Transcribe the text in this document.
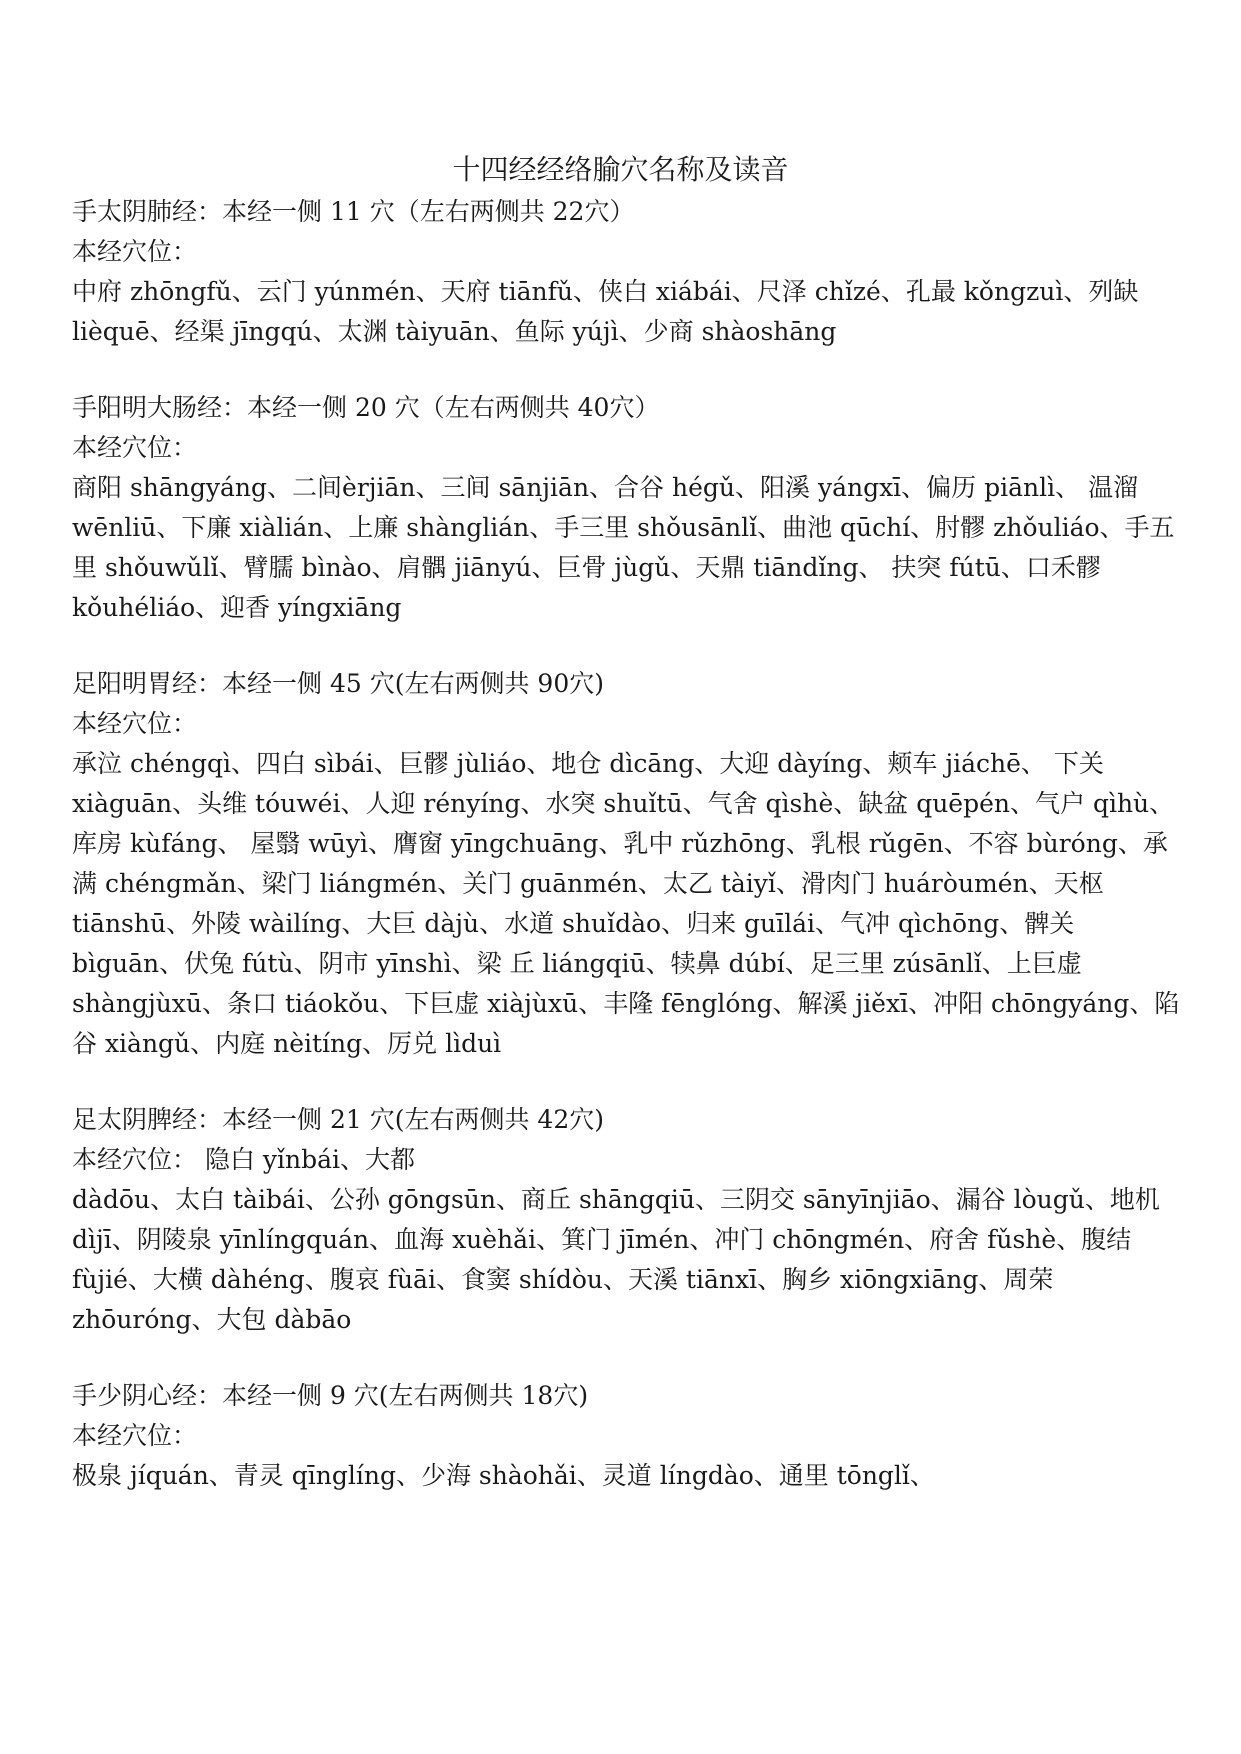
十四经经络腧穴名称及读音
手太阴肺经：本经一侧 11 穴（左右两侧共 22穴）
本经穴位：
中府 zhōngfǔ、云门 yúnmén、天府 tiānfǔ、侠白 xiábái、尺泽 chǐzé、孔最 kǒngzuì、列缺 lièquē、经渠 jīngqú、太渊 tàiyuān、鱼际 yújì、少商 shàoshāng
手阳明大肠经：本经一侧 20 穴（左右两侧共 40穴）
本经穴位：
商阳 shāngyáng、二间èrjiān、三间 sānjiān、合谷 hégǔ、阳溪 yángxī、偏历 piānlì、 温溜 wēnliū、下廉 xiàlián、上廉 shànglián、手三里 shǒusānlǐ、曲池 qūchí、肘髎 zhǒuliáo、手五里 shǒuwǔlǐ、臂臑 bìnào、肩髃 jiānyú、巨骨 jùgǔ、天鼎 tiāndǐng、 扶突 fútū、口禾髎 kǒuhéliáo、迎香 yíngxiāng
足阳明胃经：本经一侧 45 穴(左右两侧共 90穴)
本经穴位：
承泣 chéngqì、四白 sìbái、巨髎 jùliáo、地仓 dìcāng、大迎 dàyíng、颊车 jiáchē、 下关 xiàguān、头维 tóuwéi、人迎 rényíng、水突 shuǐtū、气舍 qìshè、缺盆 quēpén、气户 qìhù、库房 kùfáng、 屋翳 wūyì、膺窗 yīngchuāng、乳中 rǔzhōng、乳根 rǔgēn、不容 bùróng、承满 chéngmǎn、梁门 liángmén、关门 guānmén、太乙 tàiyǐ、滑肉门 huáròumén、天枢 tiānshū、外陵 wàilíng、大巨 dàjù、水道 shuǐdào、归来 guīlái、气冲 qìchōng、髀关 bìguān、伏兔 fútù、阴市 yīnshì、梁 丘 liángqiū、犊鼻 dúbí、足三里 zúsānlǐ、上巨虚 shàngjùxū、条口 tiáokǒu、下巨虚 xiàjùxū、丰隆 fēnglóng、解溪 jiěxī、冲阳 chōngyáng、陷谷 xiàngǔ、内庭 nèitíng、厉兑 lìduì
足太阴脾经：本经一侧 21 穴(左右两侧共 42穴)
本经穴位： 隐白 yǐnbái、大都
dàdōu、太白 tàibái、公孙 gōngsūn、商丘 shāngqiū、三阴交 sānyīnjiāo、漏谷 lòugǔ、地机 dìjī、阴陵泉 yīnlíngquán、血海 xuèhǎi、箕门 jīmén、冲门 chōngmén、府舍 fǔshè、腹结 fùjié、大横 dàhéng、腹哀 fùāi、食窦 shídòu、天溪 tiānxī、胸乡 xiōngxiāng、周荣 zhōuróng、大包 dàbāo
手少阴心经：本经一侧 9 穴(左右两侧共 18穴)
本经穴位：
极泉 jíquán、青灵 qīnglíng、少海 shàohǎi、灵道 língdào、通里 tōnglǐ、
